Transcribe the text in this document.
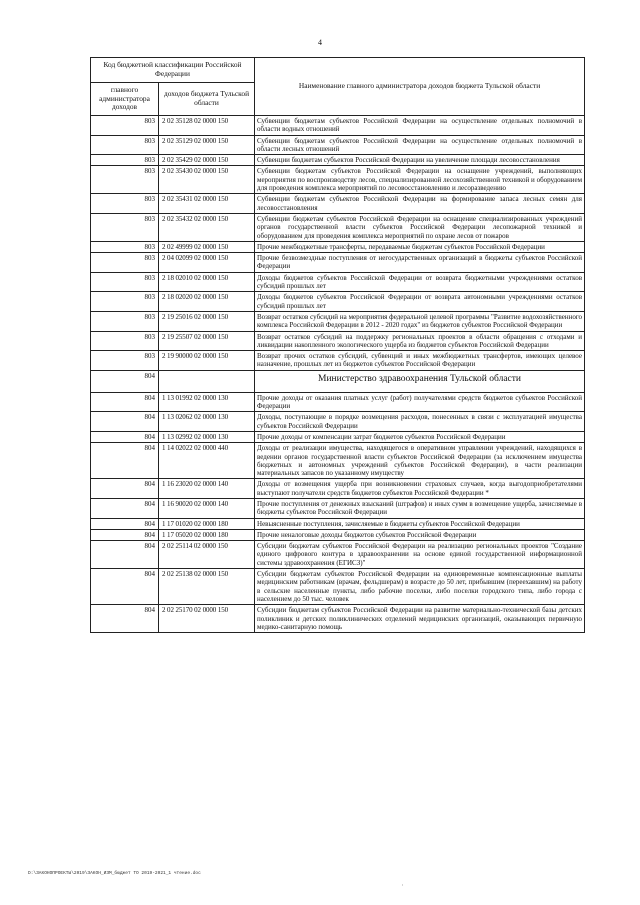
4
Код бюджетной классификации Российской Федерации		Наименование главного администратора доходов бюджета Тульской области
главного администратора доходов	доходов бюджета Тульской области	
803	2 02 35128 02 0000 150	Субвенции бюджетам субъектов Российской Федерации на осуществление отдельных полномочий в области водных отношений
803	2 02 35129 02 0000 150	Субвенции бюджетам субъектов Российской Федерации на осуществление отдельных полномочий в области лесных отношений
803	2 02 35429 02 0000 150	Субвенции бюджетам субъектов Российской Федерации на увеличение площади лесовосстановления
803	2 02 35430 02 0000 150	Субвенции бюджетам субъектов Российской Федерации на оснащение учреждений, выполняющих мероприятия по воспроизводству лесов, специализированной лесохозяйственной техникой и оборудованием для проведения комплекса мероприятий по лесовосстановлению и лесоразведению
803	2 02 35431 02 0000 150	Субвенции бюджетам субъектов Российской Федерации на формирование запаса лесных семян для лесовосстановления
803	2 02 35432 02 0000 150	Субвенции бюджетам субъектов Российской Федерации на оснащение специализированных учреждений органов государственной власти субъектов Российской Федерации лесопожарной техникой и оборудованием для проведения комплекса мероприятий по охране лесов от пожаров
803	2 02 49999 02 0000 150	Прочие межбюджетные трансферты, передаваемые бюджетам субъектов Российской Федерации
803	2 04 02099 02 0000 150	Прочие безвозмездные поступления от негосударственных организаций в бюджеты субъектов Российской Федерации
803	2 18 02010 02 0000 150	Доходы бюджетов субъектов Российской Федерации от возврата бюджетными учреждениями остатков субсидий прошлых лет
803	2 18 02020 02 0000 150	Доходы бюджетов субъектов Российской Федерации от возврата автономными учреждениями остатков субсидий прошлых лет
803	2 19 25016 02 0000 150	Возврат остатков субсидий на мероприятия федеральной целевой программы "Развитие водохозяйственного комплекса Российской Федерации в 2012 - 2020 годах" из бюджетов субъектов Российской Федерации
803	2 19 25507 02 0000 150	Возврат остатков субсидий на поддержку региональных проектов в области обращения с отходами и ликвидации накопленного экологического ущерба из бюджетов субъектов Российской Федерации
803	2 19 90000 02 0000 150	Возврат прочих остатков субсидий, субвенций и иных межбюджетных трансфертов, имеющих целевое назначение, прошлых лет из бюджетов субъектов Российской Федерации
804		Министерство здравоохранения Тульской области
804	1 13 01992 02 0000 130	Прочие доходы от оказания платных услуг (работ) получателями средств бюджетов субъектов Российской Федерации
804	1 13 02062 02 0000 130	Доходы, поступающие в порядке возмещения расходов, понесенных в связи с эксплуатацией имущества субъектов Российской Федерации
804	1 13 02992 02 0000 130	Прочие доходы от компенсации затрат бюджетов субъектов Российской Федерации
804	1 14 02022 02 0000 440	Доходы от реализации имущества, находящегося в оперативном управлении учреждений, находящихся в ведении органов государственной власти субъектов Российской Федерации (за исключением имущества бюджетных и автономных учреждений субъектов Российской Федерации), в части реализации материальных запасов по указанному имуществу
804	1 16 23020 02 0000 140	Доходы от возмещения ущерба при возникновении страховых случаев, когда выгодоприобретателями выступают получатели средств бюджетов субъектов Российской Федерации *
804	1 16 90020 02 0000 140	Прочие поступления от денежных взысканий (штрафов) и иных сумм в возмещение ущерба, зачисляемые в бюджеты субъектов Российской Федерации
804	1 17 01020 02 0000 180	Невыясненные поступления, зачисляемые в бюджеты субъектов Российской Федерации
804	1 17 05020 02 0000 180	Прочие неналоговые доходы бюджетов субъектов Российской Федерации
804	2 02 25114 02 0000 150	Субсидии бюджетам субъектов Российской Федерации на реализацию региональных проектов "Создание единого цифрового контура в здравоохранении на основе единой государственной информационной системы здравоохранения (ЕГИСЗ)"
804	2 02 25138 02 0000 150	Субсидии бюджетам субъектов Российской Федерации на единовременные компенсационные выплаты медицинским работникам (врачам, фельдшерам) в возрасте до 50 лет, прибывшим (переехавшим) на работу в сельские населенные пункты, либо рабочие поселки, либо поселки городского типа, либо города с населением до 50 тыс. человек
804	2 02 25170 02 0000 150	Субсидии бюджетам субъектов Российской Федерации на развитие материально-технической базы детских поликлиник и детских поликлинических отделений медицинских организаций, оказывающих первичную медико-санитарную помощь
D:\ЗАКОНОПРОЕКТЫ\2019\ЗАКОН_ИЗМ_бюджет ТО 2019-2021_1 чтение.doc
'
